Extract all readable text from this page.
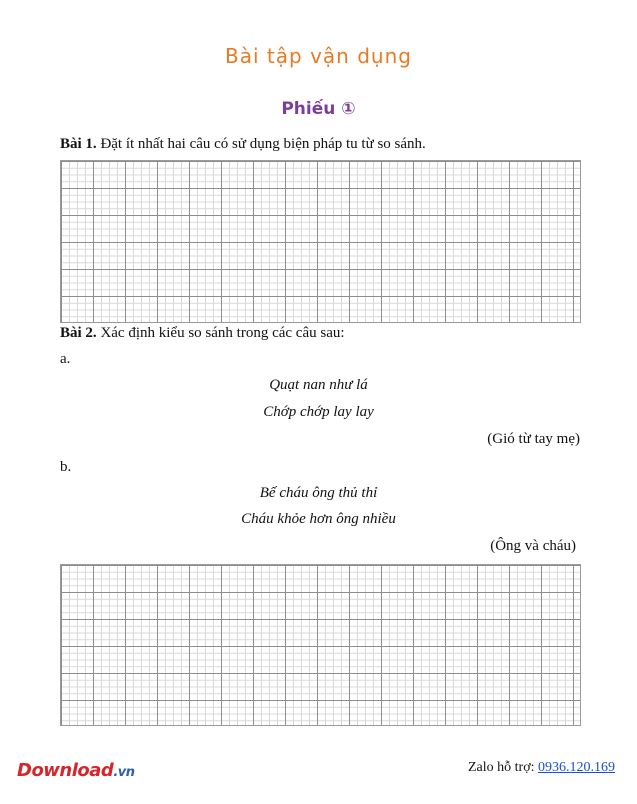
Bài tập vận dụng
Phiếu ①
Bài 1. Đặt ít nhất hai câu có sử dụng biện pháp tu từ so sánh.
Bài 2. Xác định kiểu so sánh trong các câu sau:
a.
Quạt nan như lá
Chớp chớp lay lay
(Gió từ tay mẹ)
b.
Bế cháu ông thủ thỉ
Cháu khỏe hơn ông nhiều
(Ông và cháu)
Download.vn	Zalo hỗ trợ: 0936.120.169
